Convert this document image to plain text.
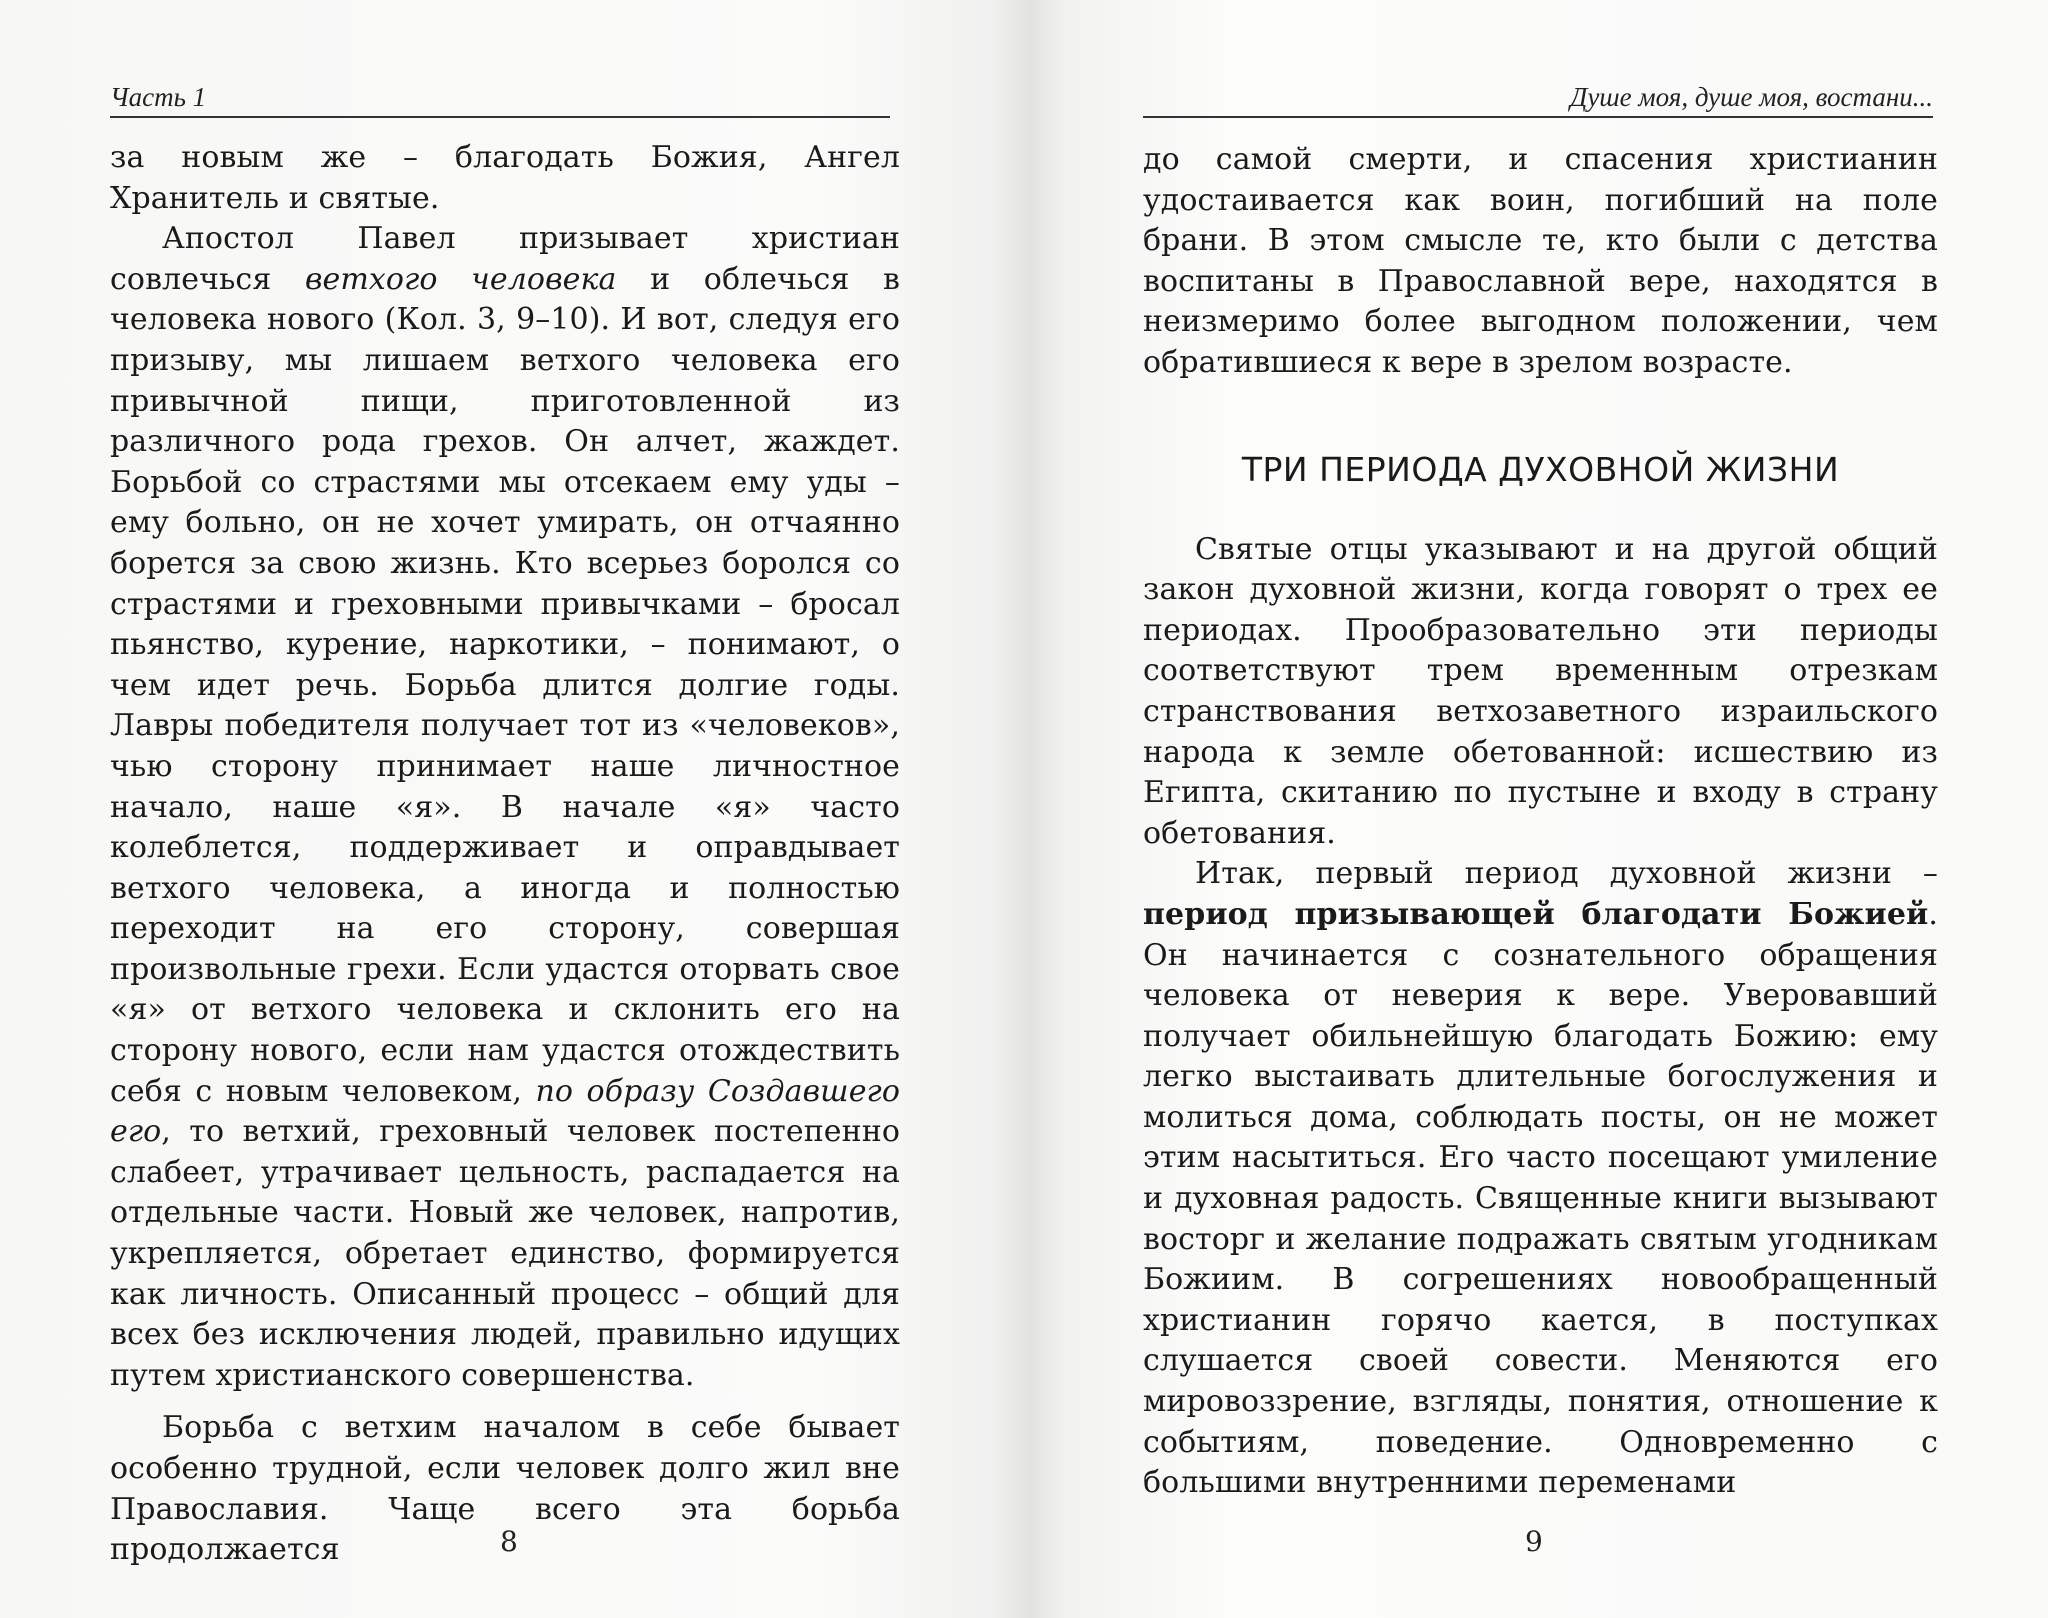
Часть 1

за новым же – благодать Божия, Ангел Хранитель и святые.

Апостол Павел призывает христиан совлечься ветхого человека и облечься в человека нового (Кол. 3, 9–10). И вот, следуя его призыву, мы лишаем ветхого человека его привычной пищи, приготовленной из различного рода грехов. Он алчет, жаждет. Борьбой со страстями мы отсекаем ему уды – ему больно, он не хочет умирать, он отчаянно борется за свою жизнь. Кто всерьез боролся со страстями и греховными привычками – бросал пьянство, курение, наркотики, – понимают, о чем идет речь. Борьба длится долгие годы. Лавры победителя получает тот из «человеков», чью сторону принимает наше личностное начало, наше «я». В начале «я» часто колеблется, поддерживает и оправдывает ветхого человека, а иногда и полностью переходит на его сторону, совершая произвольные грехи. Если удастся оторвать свое «я» от ветхого человека и склонить его на сторону нового, если нам удастся отождествить себя с новым человеком, по образу Создавшего его, то ветхий, греховный человек постепенно слабеет, утрачивает цельность, распадается на отдельные части. Новый же человек, напротив, укрепляется, обретает единство, формируется как личность. Описанный процесс – общий для всех без исключения людей, правильно идущих путем христианского совершенства.

Борьба с ветхим началом в себе бывает особенно трудной, если человек долго жил вне Православия. Чаще всего эта борьба продолжается	8
Душе моя, душе моя, востани...

до самой смерти, и спасения христианин удостаивается как воин, погибший на поле брани. В этом смысле те, кто были с детства воспитаны в Православной вере, находятся в неизмеримо более выгодном положении, чем обратившиеся к вере в зрелом возрасте.

ТРИ ПЕРИОДА ДУХОВНОЙ ЖИЗНИ

Святые отцы указывают и на другой общий закон духовной жизни, когда говорят о трех ее периодах. Прообразовательно эти периоды соответствуют трем временным отрезкам странствования ветхозаветного израильского народа к земле обетованной: исшествию из Египта, скитанию по пустыне и входу в страну обетования.

Итак, первый период духовной жизни – период призывающей благодати Божией. Он начинается с сознательного обращения человека от неверия к вере. Уверовавший получает обильнейшую благодать Божию: ему легко выстаивать длительные богослужения и молиться дома, соблюдать посты, он не может этим насытиться. Его часто посещают умиление и духовная радость. Священные книги вызывают восторг и желание подражать святым угодникам Божиим. В согрешениях новообращенный христианин горячо кается, в поступках слушается своей совести. Меняются его мировоззрение, взгляды, понятия, отношение к событиям, поведение. Одновременно с большими внутренними переменами

9
